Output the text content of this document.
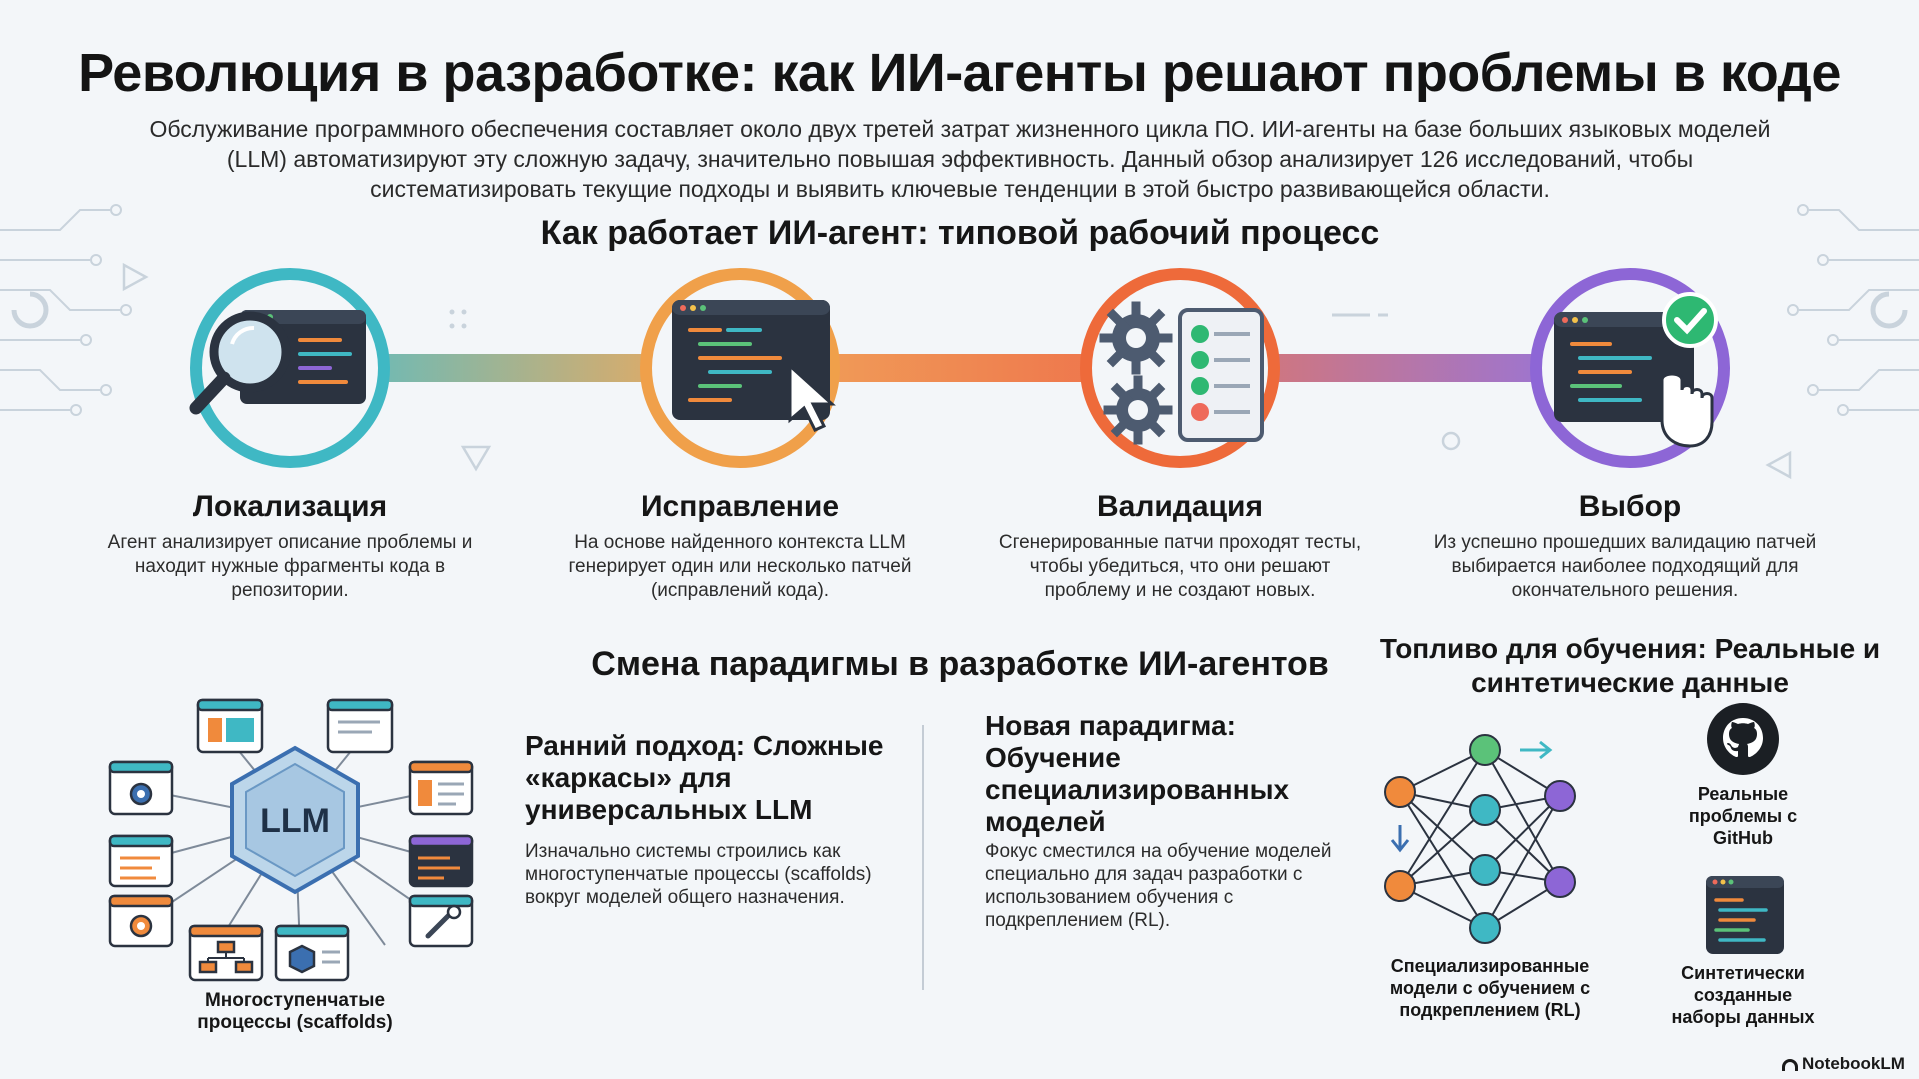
Революция в разработке: как ИИ-агенты решают проблемы в коде
Обслуживание программного обеспечения составляет около двух третей затрат жизненного цикла ПО. ИИ-агенты на базе больших языковых моделей (LLM) автоматизируют эту сложную задачу, значительно повышая эффективность. Данный обзор анализирует 126 исследований, чтобы систематизировать текущие подходы и выявить ключевые тенденции в этой быстро развивающейся области.
Как работает ИИ-агент: типовой рабочий процесс
Локализация
Агент анализирует описание проблемы и находит нужные фрагменты кода в репозитории.
Исправление
На основе найденного контекста LLM генерирует один или несколько патчей (исправлений кода).
Валидация
Сгенерированные патчи проходят тесты, чтобы убедиться, что они решают проблему и не создают новых.
Выбор
Из успешно прошедших валидацию патчей выбирается наиболее подходящий для окончательного решения.
Смена парадигмы в разработке ИИ-агентов
LLM
Многоступенчатые процессы (scaffolds)
Ранний подход: Сложные «каркасы» для универсальных LLM
Изначально системы строились как многоступенчатые процессы (scaffolds) вокруг моделей общего назначения.
Новая парадигма: Обучение специализированных моделей
Фокус сместился на обучение моделей специально для задач разработки с использованием обучения с подкреплением (RL).
Топливо для обучения: Реальные и синтетические данные
Специализированные модели с обучением с подкреплением (RL)
Реальные проблемы с GitHub
Синтетически созданные наборы данных
NotebookLM
